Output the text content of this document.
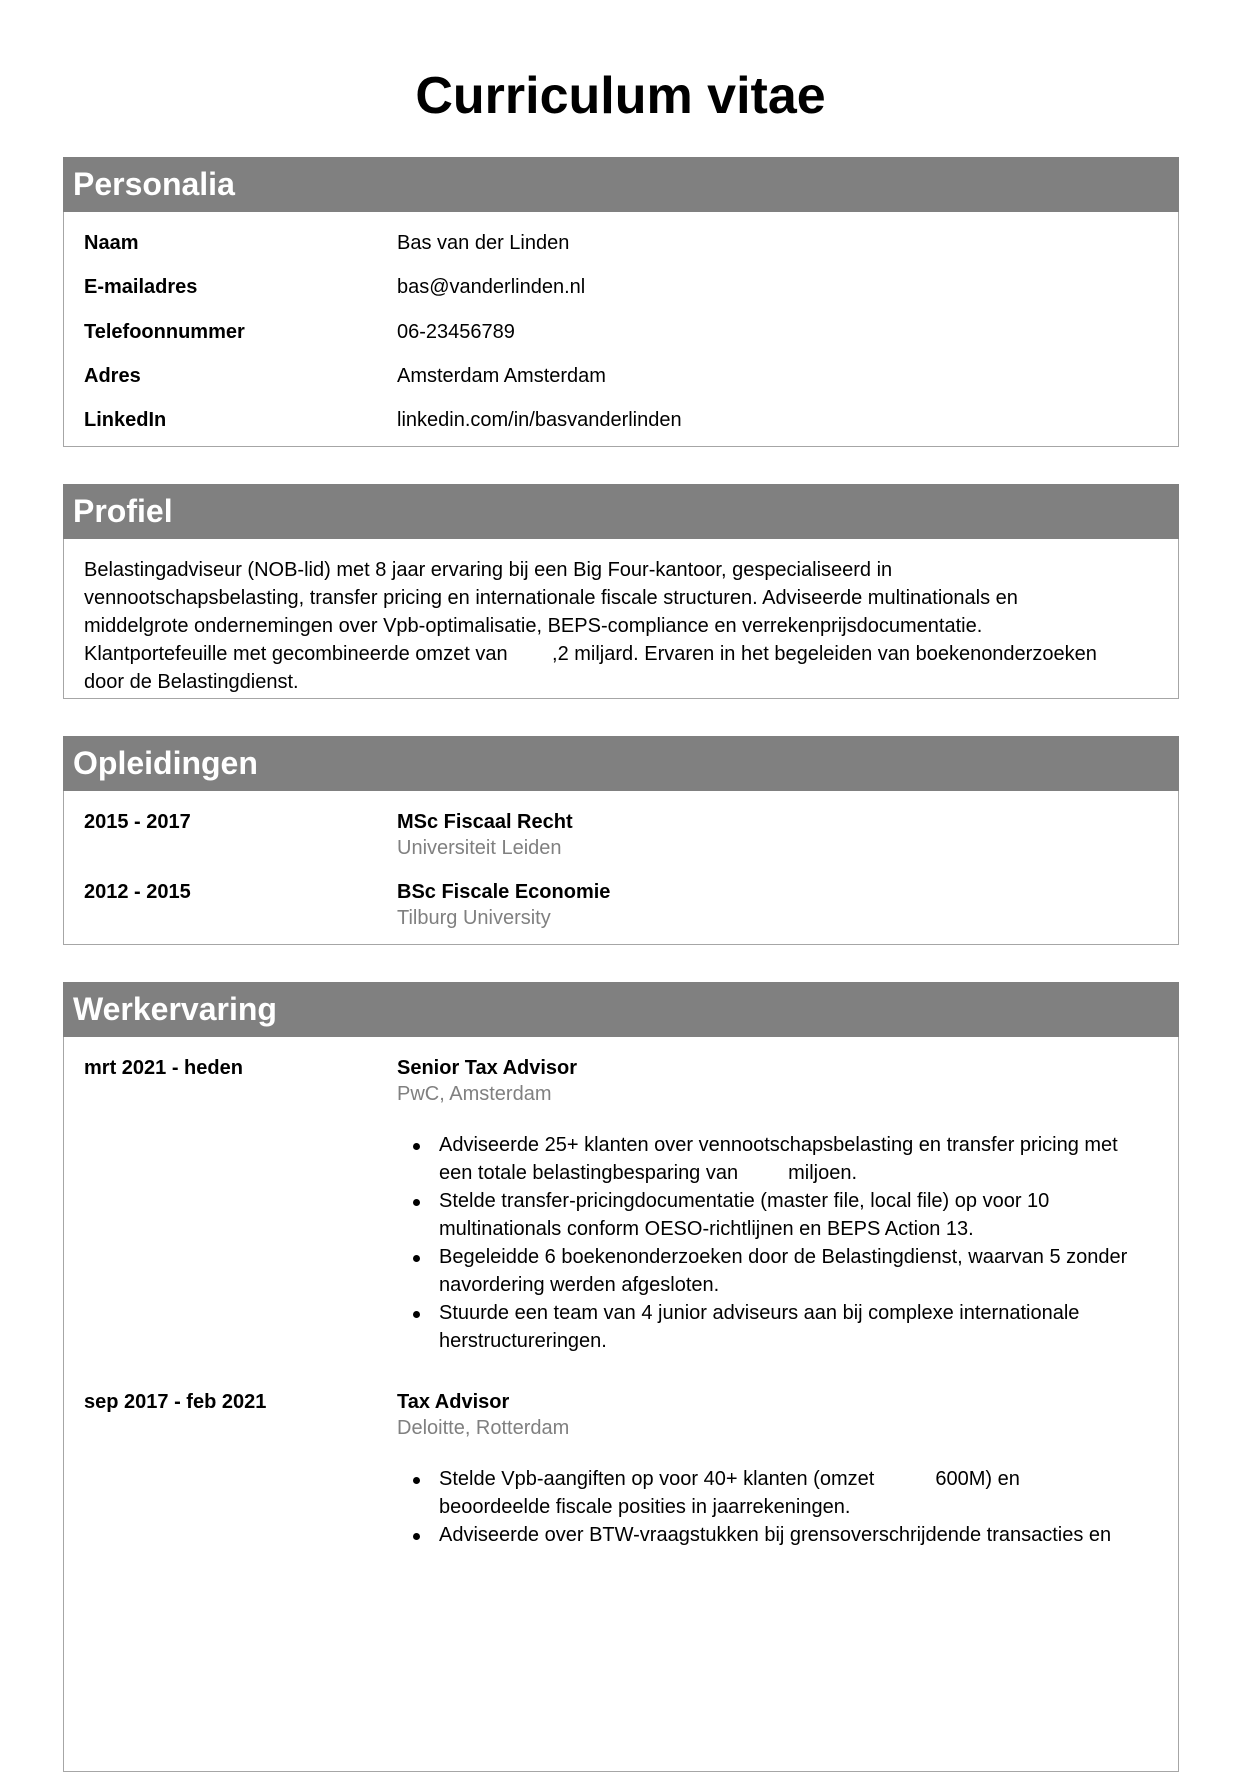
Curriculum vitae
Personalia
Naam	Bas van der Linden
E-mailadres	bas@vanderlinden.nl
Telefoonnummer	06-23456789
Adres	Amsterdam Amsterdam
LinkedIn	linkedin.com/in/basvanderlinden
Profiel
Belastingadviseur (NOB-lid) met 8 jaar ervaring bij een Big Four-kantoor, gespecialiseerd in
vennootschapsbelasting, transfer pricing en internationale fiscale structuren. Adviseerde multinationals en
middelgrote ondernemingen over Vpb-optimalisatie, BEPS-compliance en verrekenprijsdocumentatie.
Klantportefeuille met gecombineerde omzet van        ,2 miljard. Ervaren in het begeleiden van boekenonderzoeken
door de Belastingdienst.
Opleidingen
2015 - 2017	MSc Fiscaal Recht
Universiteit Leiden
2012 - 2015	BSc Fiscale Economie
Tilburg University
Werkervaring
mrt 2021 - heden	Senior Tax Advisor
PwC, Amsterdam
Adviseerde 25+ klanten over vennootschapsbelasting en transfer pricing met
een totale belastingbesparing van         miljoen.
Stelde transfer-pricingdocumentatie (master file, local file) op voor 10
multinationals conform OESO-richtlijnen en BEPS Action 13.
Begeleidde 6 boekenonderzoeken door de Belastingdienst, waarvan 5 zonder
navordering werden afgesloten.
Stuurde een team van 4 junior adviseurs aan bij complexe internationale
herstructureringen.
sep 2017 - feb 2021	Tax Advisor
Deloitte, Rotterdam
Stelde Vpb-aangiften op voor 40+ klanten (omzet           600M) en
beoordeelde fiscale posities in jaarrekeningen.
Adviseerde over BTW-vraagstukken bij grensoverschrijdende transacties en
